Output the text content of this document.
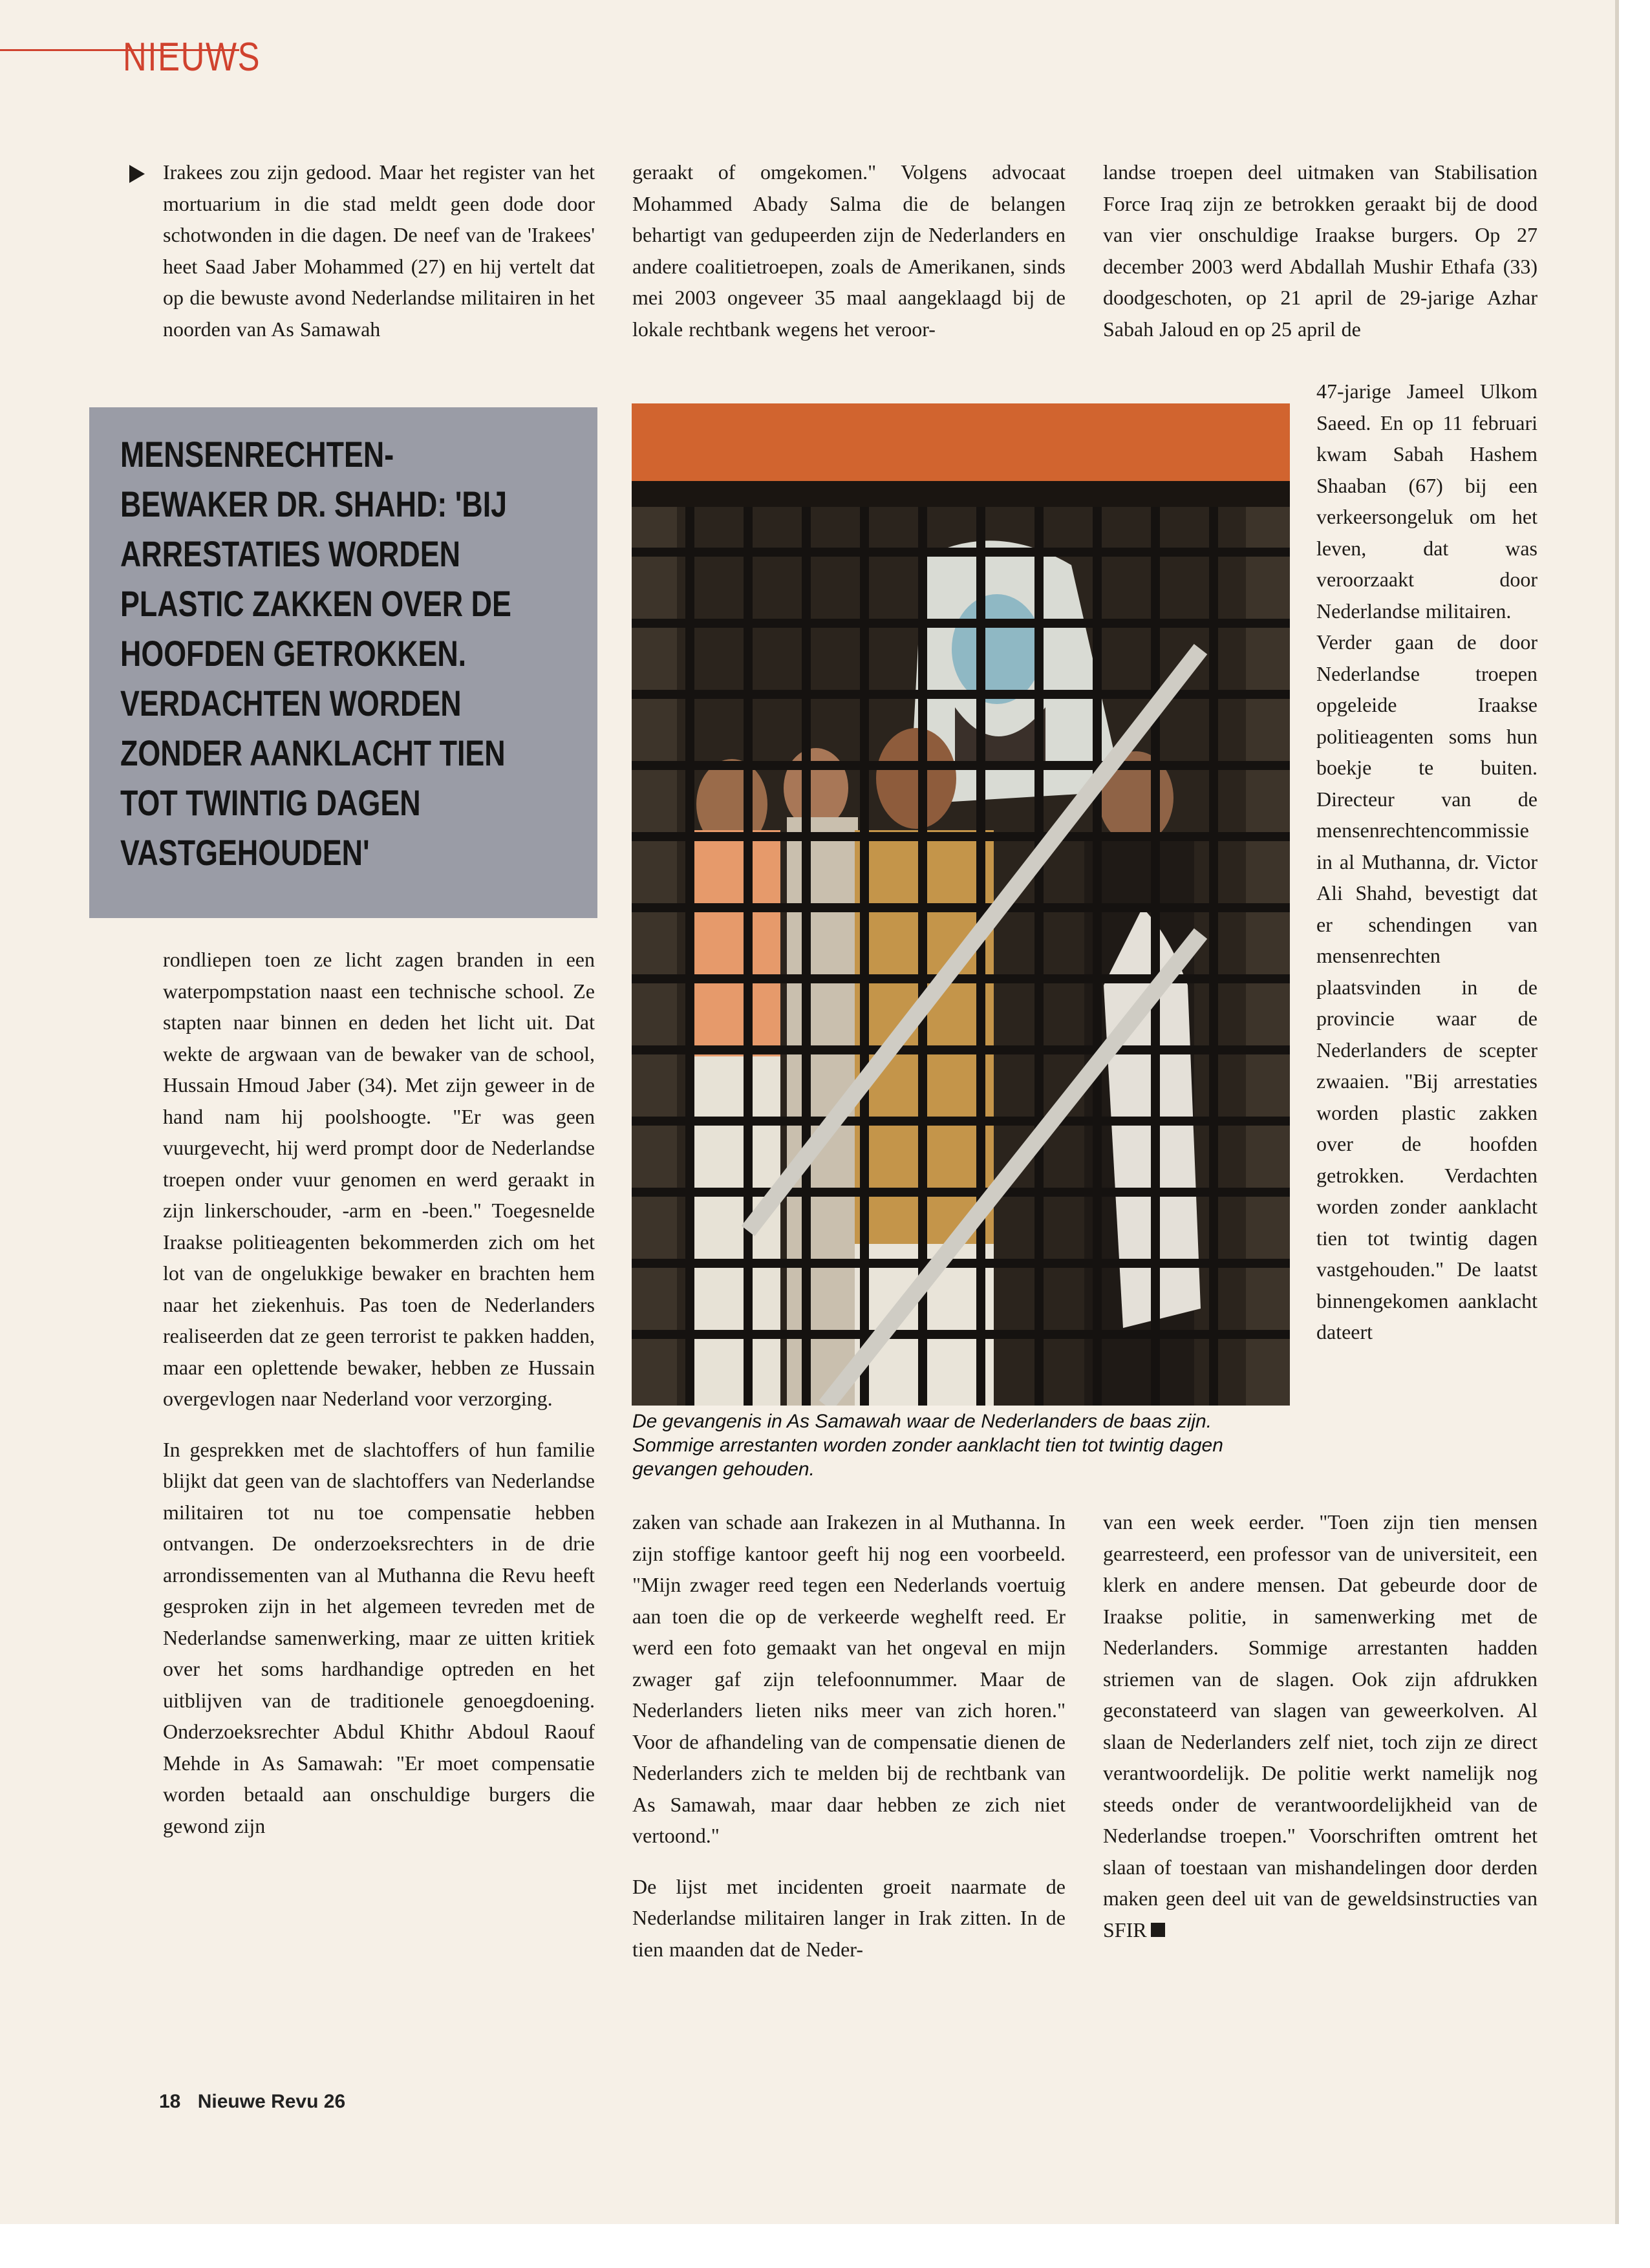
NIEUWS

Irakees zou zijn gedood. Maar het register van het mortuarium in die stad meldt geen dode door schotwonden in die dagen. De neef van de 'Irakees' heet Saad Jaber Mohammed (27) en hij vertelt dat op die bewuste avond Nederlandse militairen in het noorden van As Samawah

MENSENRECHTEN-BEWAKER DR. SHAHD: 'BIJ ARRESTATIES WORDEN PLASTIC ZAKKEN OVER DE HOOFDEN GETROKKEN. VERDACHTEN WORDEN ZONDER AANKLACHT TIEN TOT TWINTIG DAGEN VASTGEHOUDEN'

rondliepen toen ze licht zagen branden in een waterpompstation naast een technische school. Ze stapten naar binnen en deden het licht uit. Dat wekte de argwaan van de bewaker van de school, Hussain Hmoud Jaber (34). Met zijn geweer in de hand nam hij poolshoogte. "Er was geen vuurgevecht, hij werd prompt door de Nederlandse troepen onder vuur genomen en werd geraakt in zijn linkerschouder, -arm en -been." Toegesnelde Iraakse politieagenten bekommerden zich om het lot van de ongelukkige bewaker en brachten hem naar het ziekenhuis. Pas toen de Nederlanders realiseerden dat ze geen terrorist te pakken hadden, maar een oplettende bewaker, hebben ze Hussain overgevlogen naar Nederland voor verzorging.

In gesprekken met de slachtoffers of hun familie blijkt dat geen van de slachtoffers van Nederlandse militairen tot nu toe compensatie hebben ontvangen. De onderzoeksrechters in de drie arrondissementen van al Muthanna die Revu heeft gesproken zijn in het algemeen tevreden met de Nederlandse samenwerking, maar ze uitten kritiek over het soms hardhandige optreden en het uitblijven van de traditionele genoegdoening. Onderzoeksrechter Abdul Khithr Abdoul Raouf Mehde in As Samawah: "Er moet compensatie worden betaald aan onschuldige burgers die gewond zijn

geraakt of omgekomen." Volgens advocaat Mohammed Abady Salma die de belangen behartigt van gedupeerden zijn de Nederlanders en andere coalitietroepen, zoals de Amerikanen, sinds mei 2003 ongeveer 35 maal aangeklaagd bij de lokale rechtbank wegens het veroor-

De gevangenis in As Samawah waar de Nederlanders de baas zijn. Sommige arrestanten worden zonder aanklacht tien tot twintig dagen gevangen gehouden.

zaken van schade aan Irakezen in al Muthanna. In zijn stoffige kantoor geeft hij nog een voorbeeld. "Mijn zwager reed tegen een Nederlands voertuig aan toen die op de verkeerde weghelft reed. Er werd een foto gemaakt van het ongeval en mijn zwager gaf zijn telefoonnummer. Maar de Nederlanders lieten niks meer van zich horen." Voor de afhandeling van de compensatie dienen de Nederlanders zich te melden bij de rechtbank van As Samawah, maar daar hebben ze zich niet vertoond."

De lijst met incidenten groeit naarmate de Nederlandse militairen langer in Irak zitten. In de tien maanden dat de Neder-

landse troepen deel uitmaken van Stabilisation Force Iraq zijn ze betrokken geraakt bij de dood van vier onschuldige Iraakse burgers. Op 27 december 2003 werd Abdallah Mushir Ethafa (33) doodgeschoten, op 21 april de 29-jarige Azhar Sabah Jaloud en op 25 april de

47-jarige Jameel Ulkom Saeed. En op 11 februari kwam Sabah Hashem Shaaban (67) bij een verkeersongeluk om het leven, dat was veroorzaakt door Nederlandse militairen.

Verder gaan de door Nederlandse troepen opgeleide Iraakse politieagenten soms hun boekje te buiten. Directeur van de mensenrechtencommissie in al Muthanna, dr. Victor Ali Shahd, bevestigt dat er schendingen van mensenrechten plaatsvinden in de provincie waar de Nederlanders de scepter zwaaien. "Bij arrestaties worden plastic zakken over de hoofden getrokken. Verdachten worden zonder aanklacht tien tot twintig dagen vastgehouden." De laatst binnengekomen aanklacht dateert

van een week eerder. "Toen zijn tien mensen gearresteerd, een professor van de universiteit, een klerk en andere mensen. Dat gebeurde door de Iraakse politie, in samenwerking met de Nederlanders. Sommige arrestanten hadden striemen van de slagen. Ook zijn afdrukken geconstateerd van slagen van geweerkolven. Al slaan de Nederlanders zelf niet, toch zijn ze direct verantwoordelijk. De politie werkt namelijk nog steeds onder de verantwoordelijkheid van de Nederlandse troepen." Voorschriften omtrent het slaan of toestaan van mishandelingen door derden maken geen deel uit van de geweldsinstructies van SFIR

18 Nieuwe Revu 26
